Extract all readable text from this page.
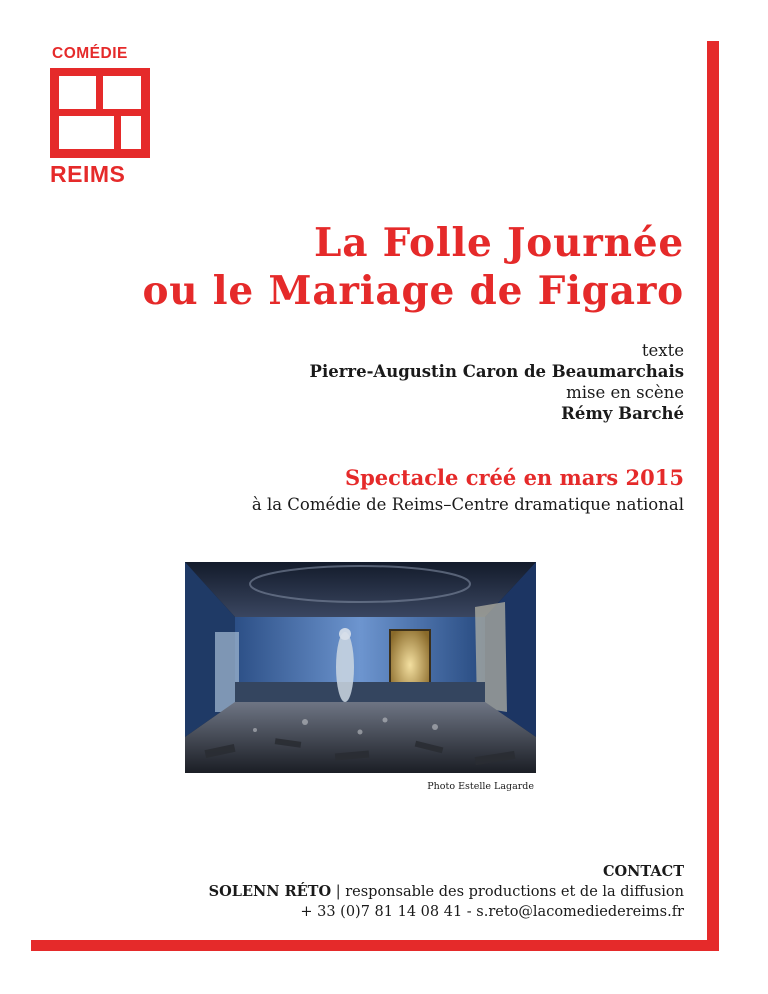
COMÉDIE
REIMS
La Folle Journée
ou le Mariage de Figaro
texte
Pierre-Augustin Caron de Beaumarchais
mise en scène
Rémy Barché
Spectacle créé en mars 2015
à la Comédie de Reims–Centre dramatique national
Photo Estelle Lagarde
CONTACT
SOLENN RÉTO | responsable des productions et de la diffusion
+ 33 (0)7 81 14 08 41 - s.reto@lacomediedereims.fr
